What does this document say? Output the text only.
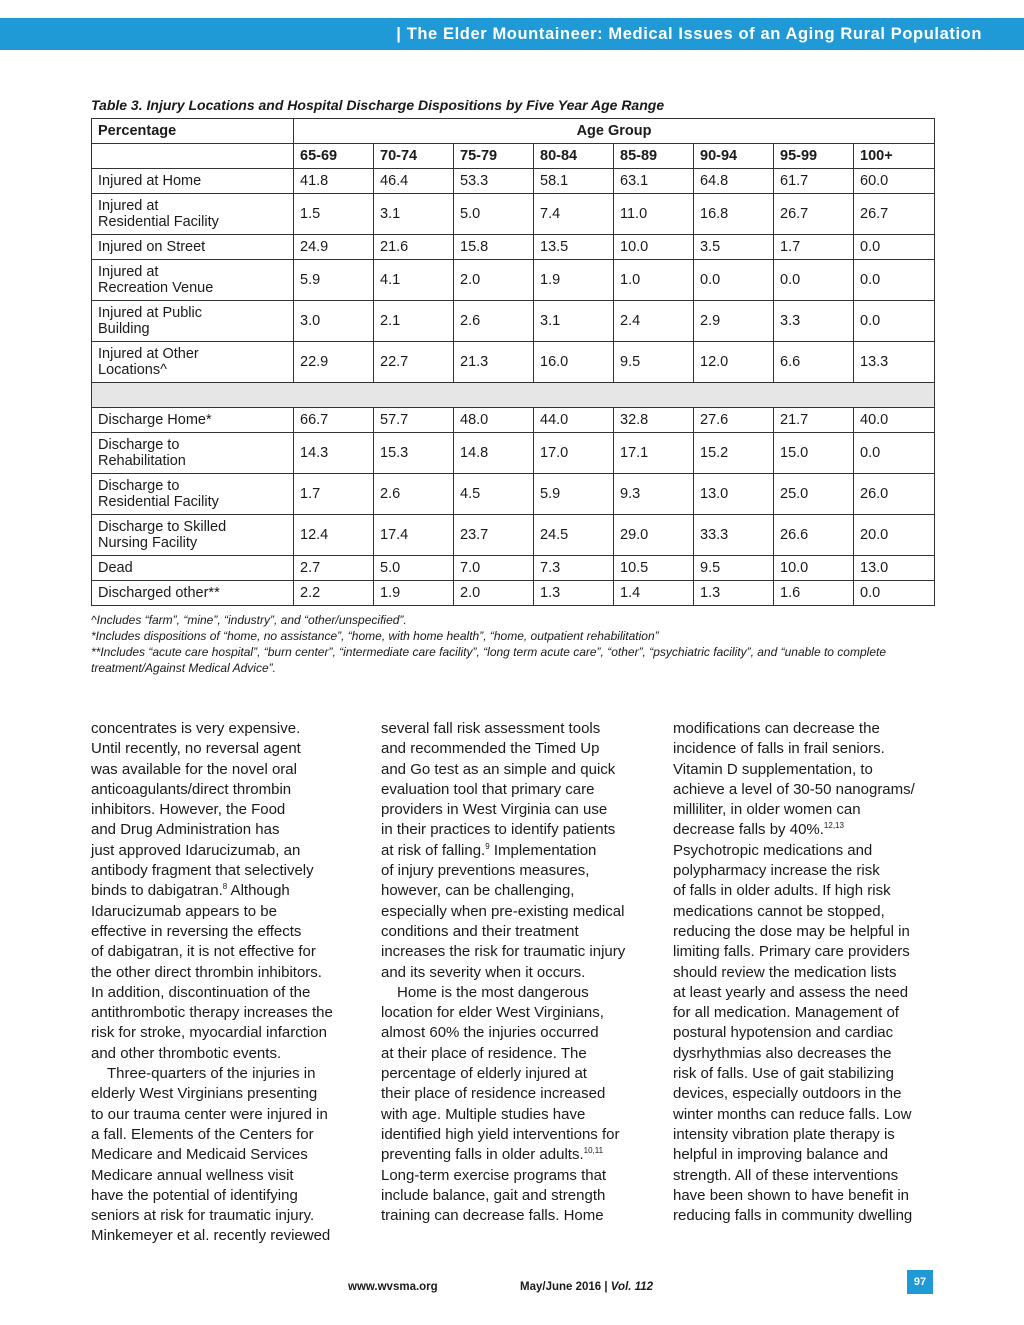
| The Elder Mountaineer: Medical Issues of an Aging Rural Population
Table 3. Injury Locations and Hospital Discharge Dispositions by Five Year Age Range
Percentage	Age Group							
	65-69	70-74	75-79	80-84	85-89	90-94	95-99	100+
Injured at Home	41.8	46.4	53.3	58.1	63.1	64.8	61.7	60.0
Injured at
Residential Facility	1.5	3.1	5.0	7.4	11.0	16.8	26.7	26.7
Injured on Street	24.9	21.6	15.8	13.5	10.0	3.5	1.7	0.0
Injured at
Recreation Venue	5.9	4.1	2.0	1.9	1.0	0.0	0.0	0.0
Injured at Public
Building	3.0	2.1	2.6	3.1	2.4	2.9	3.3	0.0
Injured at Other
Locations^	22.9	22.7	21.3	16.0	9.5	12.0	6.6	13.3

Discharge Home*	66.7	57.7	48.0	44.0	32.8	27.6	21.7	40.0
Discharge to
Rehabilitation	14.3	15.3	14.8	17.0	17.1	15.2	15.0	0.0
Discharge to
Residential Facility	1.7	2.6	4.5	5.9	9.3	13.0	25.0	26.0
Discharge to Skilled
Nursing Facility	12.4	17.4	23.7	24.5	29.0	33.3	26.6	20.0
Dead	2.7	5.0	7.0	7.3	10.5	9.5	10.0	13.0
Discharged other**	2.2	1.9	2.0	1.3	1.4	1.3	1.6	0.0

^Includes “farm”, “mine”, “industry”, and “other/unspecified”.

*Includes dispositions of “home, no assistance”, “home, with home health”, “home, outpatient rehabilitation”

**Includes “acute care hospital”, “burn center”, “intermediate care facility”, “long term acute care”, “other”, “psychiatric facility”, and “unable to complete treatment/Against Medical Advice”.

concentrates is very expensive.
Until recently, no reversal agent
was available for the novel oral
anticoagulants/direct thrombin
inhibitors. However, the Food
and Drug Administration has
just approved Idarucizumab, an
antibody fragment that selectively
binds to dabigatran.$^8$ Although
Idarucizumab appears to be
effective in reversing the effects
of dabigatran, it is not effective for
the other direct thrombin inhibitors.
In addition, discontinuation of the
antithrombotic therapy increases the
risk for stroke, myocardial infarction
and other thrombotic events.

Three-quarters of the injuries in
elderly West Virginians presenting
to our trauma center were injured in
a fall. Elements of the Centers for
Medicare and Medicaid Services
Medicare annual wellness visit
have the potential of identifying
seniors at risk for traumatic injury.
Minkemeyer et al. recently reviewed

several fall risk assessment tools
and recommended the Timed Up
and Go test as an simple and quick
evaluation tool that primary care
providers in West Virginia can use
in their practices to identify patients
at risk of falling.$^9$ Implementation
of injury preventions measures,
however, can be challenging,
especially when pre-existing medical
conditions and their treatment
increases the risk for traumatic injury
and its severity when it occurs.

Home is the most dangerous
location for elder West Virginians,
almost 60% the injuries occurred
at their place of residence. The
percentage of elderly injured at
their place of residence increased
with age. Multiple studies have
identified high yield interventions for
preventing falls in older adults.$^{10,11}$
Long-term exercise programs that
include balance, gait and strength
training can decrease falls. Home

modifications can decrease the
incidence of falls in frail seniors.
Vitamin D supplementation, to
achieve a level of 30-50 nanograms/
milliliter, in older women can
decrease falls by 40%.$^{12,13}$
Psychotropic medications and
polypharmacy increase the risk
of falls in older adults. If high risk
medications cannot be stopped,
reducing the dose may be helpful in
limiting falls. Primary care providers
should review the medication lists
at least yearly and assess the need
for all medication. Management of
postural hypotension and cardiac
dysrhythmias also decreases the
risk of falls. Use of gait stabilizing
devices, especially outdoors in the
winter months can reduce falls. Low
intensity vibration plate therapy is
helpful in improving balance and
strength. All of these interventions
have been shown to have benefit in
reducing falls in community dwelling

www.wvsma.org	May/June 2016 | Vol. 112	97
